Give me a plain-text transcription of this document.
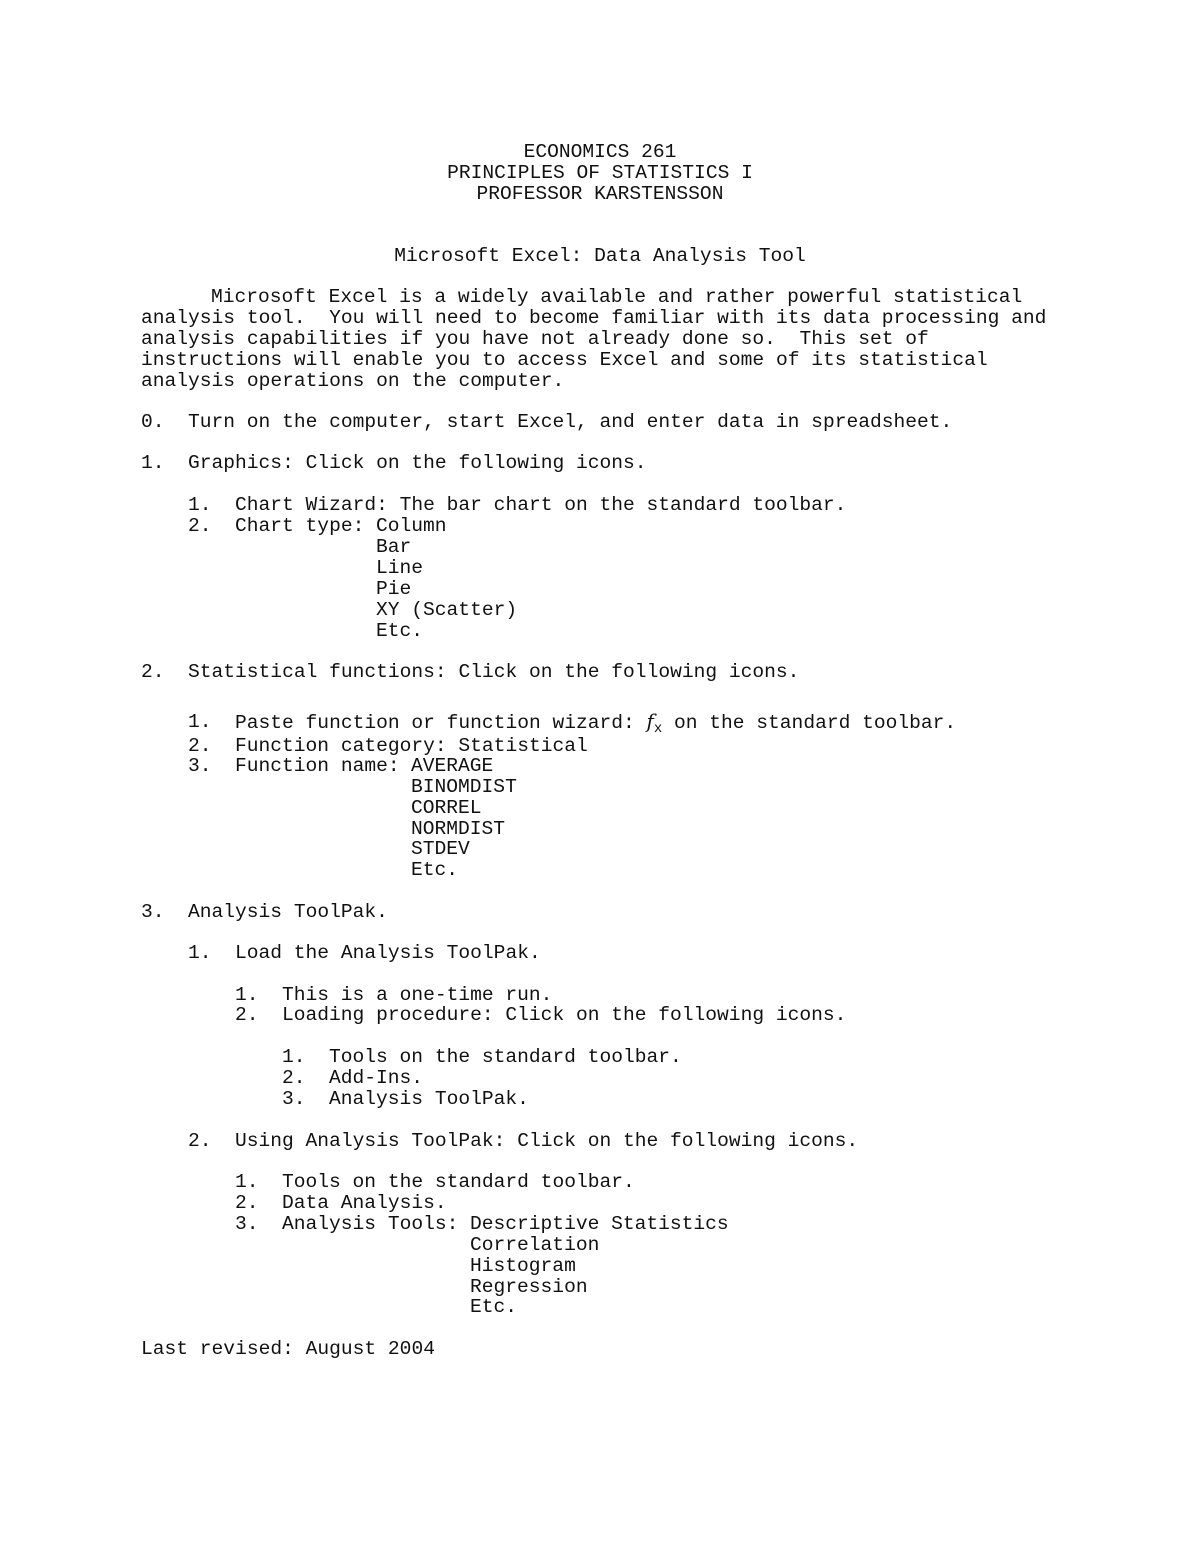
ECONOMICS 261
PRINCIPLES OF STATISTICS I
PROFESSOR KARSTENSSON
Microsoft Excel: Data Analysis Tool
Microsoft Excel is a widely available and rather powerful statistical
analysis tool.  You will need to become familiar with its data processing and
analysis capabilities if you have not already done so.  This set of
instructions will enable you to access Excel and some of its statistical
analysis operations on the computer.
0. Turn on the computer, start Excel, and enter data in spreadsheet.
1. Graphics: Click on the following icons.
1. Chart Wizard: The bar chart on the standard toolbar.
2. Chart type: Column
Bar
Line
Pie
XY (Scatter)
Etc.
2. Statistical functions: Click on the following icons.
1. Paste function or function wizard: $f_x$ on the standard toolbar.
2. Function category: Statistical
3. Function name: AVERAGE
BINOMDIST
CORREL
NORMDIST
STDEV
Etc.
3. Analysis ToolPak.
1. Load the Analysis ToolPak.
1. This is a one-time run.
2. Loading procedure: Click on the following icons.
1. Tools on the standard toolbar.
2. Add-Ins.
3. Analysis ToolPak.
2. Using Analysis ToolPak: Click on the following icons.
1. Tools on the standard toolbar.
2. Data Analysis.
3. Analysis Tools: Descriptive Statistics
Correlation
Histogram
Regression
Etc.
Last revised: August 2004
